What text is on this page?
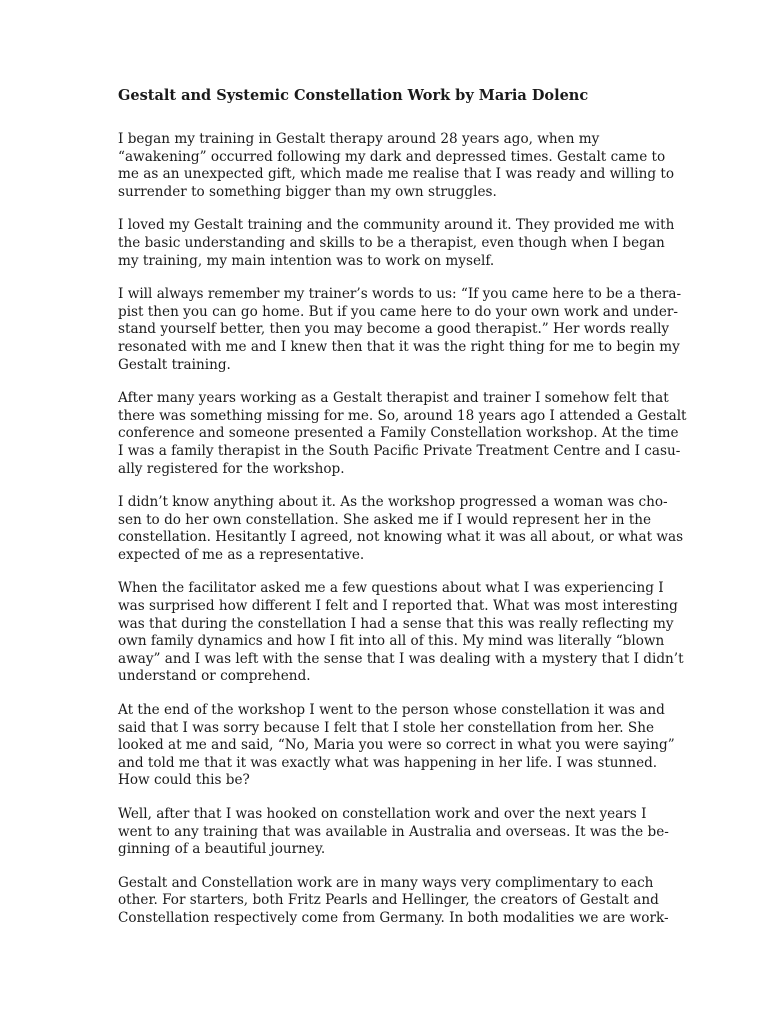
Gestalt and Systemic Constellation Work by Maria Dolenc
I began my training in Gestalt therapy around 28 years ago, when my
“awakening” occurred following my dark and depressed times. Gestalt came to
me as an unexpected gift, which made me realise that I was ready and willing to
surrender to something bigger than my own struggles.
I loved my Gestalt training and the community around it. They provided me with
the basic understanding and skills to be a therapist, even though when I began
my training, my main intention was to work on myself.
I will always remember my trainer’s words to us: “If you came here to be a thera-
pist then you can go home. But if you came here to do your own work and under-
stand yourself better, then you may become a good therapist.” Her words really
resonated with me and I knew then that it was the right thing for me to begin my
Gestalt training.
After many years working as a Gestalt therapist and trainer I somehow felt that
there was something missing for me. So, around 18 years ago I attended a Gestalt
conference and someone presented a Family Constellation workshop. At the time
I was a family therapist in the South Pacific Private Treatment Centre and I casu-
ally registered for the workshop.
I didn’t know anything about it. As the workshop progressed a woman was cho-
sen to do her own constellation. She asked me if I would represent her in the
constellation. Hesitantly I agreed, not knowing what it was all about, or what was
expected of me as a representative.
When the facilitator asked me a few questions about what I was experiencing I
was surprised how different I felt and I reported that. What was most interesting
was that during the constellation I had a sense that this was really reflecting my
own family dynamics and how I fit into all of this. My mind was literally “blown
away” and I was left with the sense that I was dealing with a mystery that I didn’t
understand or comprehend.
At the end of the workshop I went to the person whose constellation it was and
said that I was sorry because I felt that I stole her constellation from her. She
looked at me and said, “No, Maria you were so correct in what you were saying”
and told me that it was exactly what was happening in her life. I was stunned.
How could this be?
Well, after that I was hooked on constellation work and over the next years I
went to any training that was available in Australia and overseas. It was the be-
ginning of a beautiful journey.
Gestalt and Constellation work are in many ways very complimentary to each
other. For starters, both Fritz Pearls and Hellinger, the creators of Gestalt and
Constellation respectively come from Germany. In both modalities we are work-
